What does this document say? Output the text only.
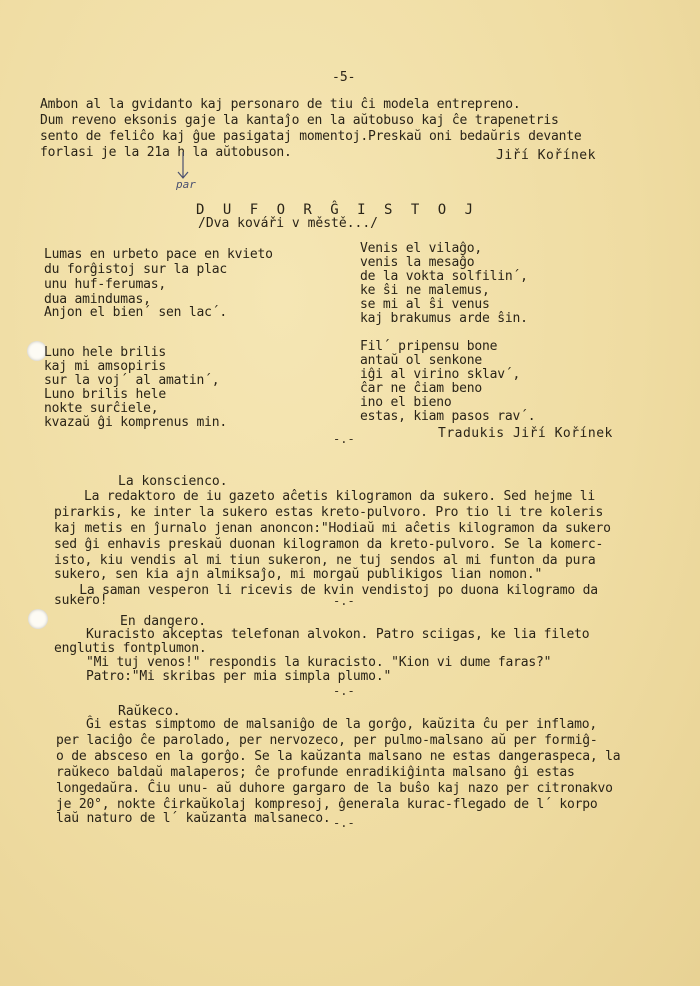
-5-
Ambon al la gvidanto kaj personaro de tiu ĉi modela entrepreno.
Dum reveno eksonis gaje la kantaĵo en la aŭtobuso kaj ĉe trapenetris
sento de feliĉo kaj ĝue pasigataj momentoj.Preskaŭ oni bedaŭris devante
forlasi je la 21a h la aŭtobuson.	Jiří Kořínek
par
D U F O R Ĝ I S T O J
/Dva kováři v městě.../
Lumas en urbeto pace en kvieto
du forĝistoj sur la plac
unu huf-ferumas,
dua amindumas,
Anjon el bien´ sen lac´.
Venis el vilaĝo,
venis la mesaĝo
de la vokta solfilin´,
ke ŝi ne malemus,
se mi al ŝi venus
kaj brakumus arde ŝin.
Luno hele brilis
kaj mi amsopiris
sur la voj´ al amatin´,
Luno brilis hele
nokte surĉiele,
kvazaŭ ĝi komprenus min.
Fil´ pripensu bone
antaŭ ol senkone
iĝi al virino sklav´,
ĉar ne ĉiam beno
ino el bieno
estas, kiam pasos rav´.
-.-	Tradukis Jiří Kořínek
La konscienco.
La redaktoro de iu gazeto aĉetis kilogramon da sukero. Sed hejme li
pirarkis, ke inter la sukero estas kreto-pulvoro. Pro tio li tre koleris
kaj metis en ĵurnalo jenan anoncon:"Hodiaŭ mi aĉetis kilogramon da sukero
sed ĝi enhavis preskaŭ duonan kilogramon da kreto-pulvoro. Se la komerc-
isto, kiu vendis al mi tiun sukeron, ne tuj sendos al mi funton da pura
sukero, sen kia ajn almiksaĵo, mi morgaŭ publikigos lian nomon."
La saman vesperon li ricevis de kvin vendistoj po duona kilogramo da
sukero!	-.-
En dangero.
Kuracisto akceptas telefonan alvokon. Patro sciigas, ke lia fileto
englutis fontplumon.
"Mi tuj venos!" respondis la kuracisto. "Kion vi dume faras?"
Patro:"Mi skribas per mia simpla plumo."
-.-
Raŭkeco.
Ĝi estas simptomo de malsaniĝo de la gorĝo, kaŭzita ĉu per inflamo,
per laciĝo ĉe parolado, per nervozeco, per pulmo-malsano aŭ per formiĝ-
o de absceso en la gorĝo. Se la kaŭzanta malsano ne estas dangeraspeca, la
raŭkeco baldaŭ malaperos; ĉe profunde enradikiĝinta malsano ĝi estas
longedaŭra. Ĉiu unu- aŭ duhore gargaro de la buŝo kaj nazo per citronakvo
je 20°, nokte ĉirkaŭkolaj kompresoj, ĝenerala kurac-flegado de l´ korpo
laŭ naturo de l´ kaŭzanta malsaneco. -.-
